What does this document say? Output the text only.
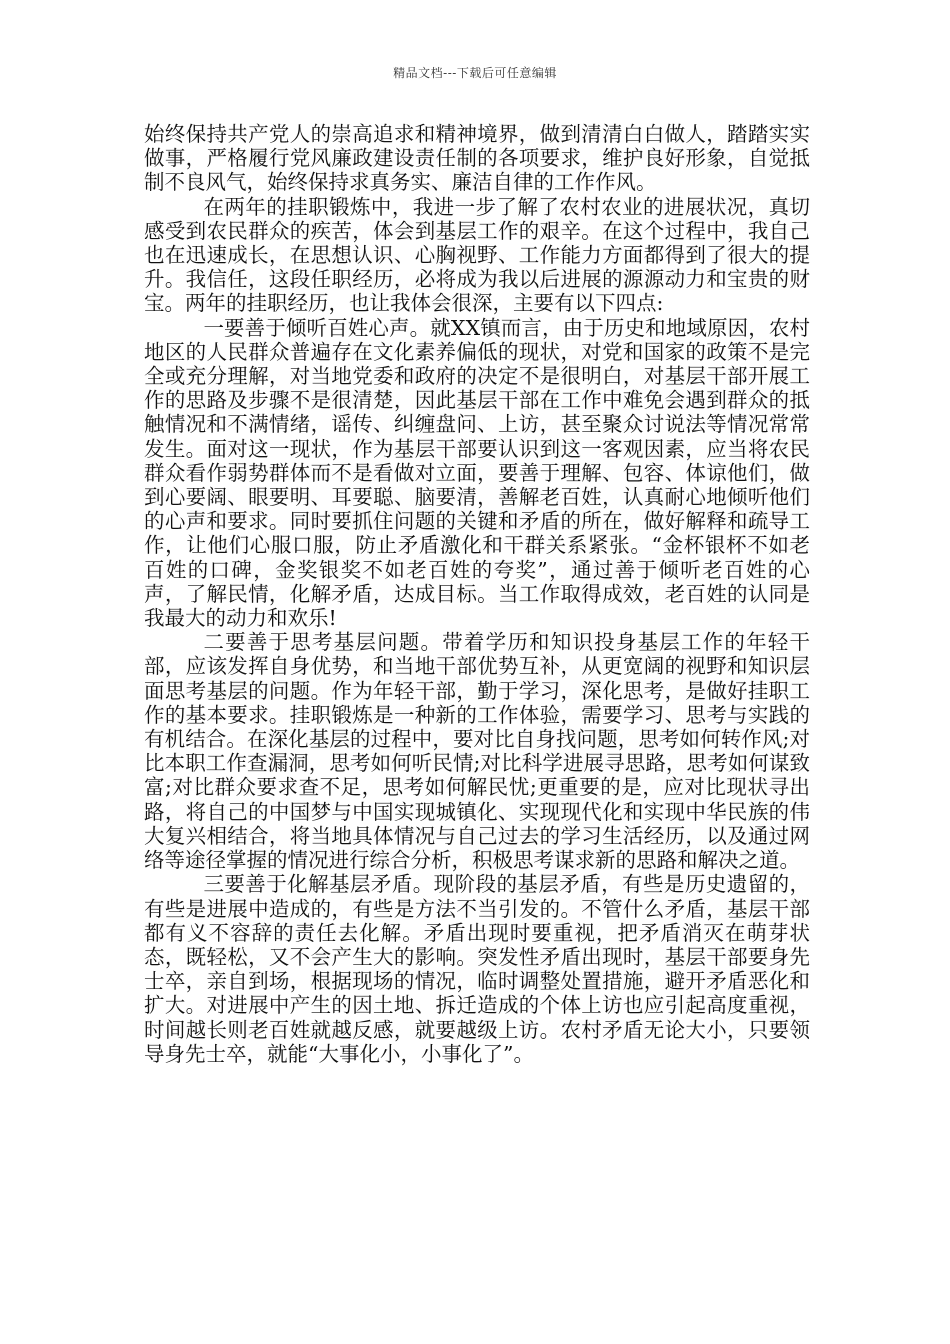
精品文档---下载后可任意编辑

始终保持共产党人的崇高追求和精神境界，做到清清白白做人，踏踏实实做事，严格履行党风廉政建设责任制的各项要求，维护良好形象，自觉抵制不良风气，始终保持求真务实、廉洁自律的工作作风。

在两年的挂职锻炼中，我进一步了解了农村农业的进展状况，真切感受到农民群众的疾苦，体会到基层工作的艰辛。在这个过程中，我自己也在迅速成长，在思想认识、心胸视野、工作能力方面都得到了很大的提升。我信任，这段任职经历，必将成为我以后进展的源源动力和宝贵的财宝。两年的挂职经历，也让我体会很深，主要有以下四点:

一要善于倾听百姓心声。就XX镇而言，由于历史和地域原因，农村地区的人民群众普遍存在文化素养偏低的现状，对党和国家的政策不是完全或充分理解，对当地党委和政府的决定不是很明白，对基层干部开展工作的思路及步骤不是很清楚，因此基层干部在工作中难免会遇到群众的抵触情况和不满情绪，谣传、纠缠盘问、上访，甚至聚众讨说法等情况常常发生。面对这一现状，作为基层干部要认识到这一客观因素，应当将农民群众看作弱势群体而不是看做对立面，要善于理解、包容、体谅他们，做到心要阔、眼要明、耳要聪、脑要清，善解老百姓，认真耐心地倾听他们的心声和要求。同时要抓住问题的关键和矛盾的所在，做好解释和疏导工作，让他们心服口服，防止矛盾激化和干群关系紧张。“金杯银杯不如老百姓的口碑，金奖银奖不如老百姓的夸奖”，通过善于倾听老百姓的心声，了解民情，化解矛盾，达成目标。当工作取得成效，老百姓的认同是我最大的动力和欢乐!

二要善于思考基层问题。带着学历和知识投身基层工作的年轻干部，应该发挥自身优势，和当地干部优势互补，从更宽阔的视野和知识层面思考基层的问题。作为年轻干部，勤于学习，深化思考，是做好挂职工作的基本要求。挂职锻炼是一种新的工作体验，需要学习、思考与实践的有机结合。在深化基层的过程中，要对比自身找问题，思考如何转作风;对比本职工作查漏洞，思考如何听民情;对比科学进展寻思路，思考如何谋致富;对比群众要求查不足，思考如何解民忧;更重要的是，应对比现状寻出路，将自己的中国梦与中国实现城镇化、实现现代化和实现中华民族的伟大复兴相结合，将当地具体情况与自己过去的学习生活经历，以及通过网络等途径掌握的情况进行综合分析，积极思考谋求新的思路和解决之道。

三要善于化解基层矛盾。现阶段的基层矛盾，有些是历史遗留的，有些是进展中造成的，有些是方法不当引发的。不管什么矛盾，基层干部都有义不容辞的责任去化解。矛盾出现时要重视，把矛盾消灭在萌芽状态，既轻松，又不会产生大的影响。突发性矛盾出现时，基层干部要身先士卒，亲自到场，根据现场的情况，临时调整处置措施，避开矛盾恶化和扩大。对进展中产生的因土地、拆迁造成的个体上访也应引起高度重视，时间越长则老百姓就越反感，就要越级上访。农村矛盾无论大小，只要领导身先士卒，就能“大事化小，小事化了”。
